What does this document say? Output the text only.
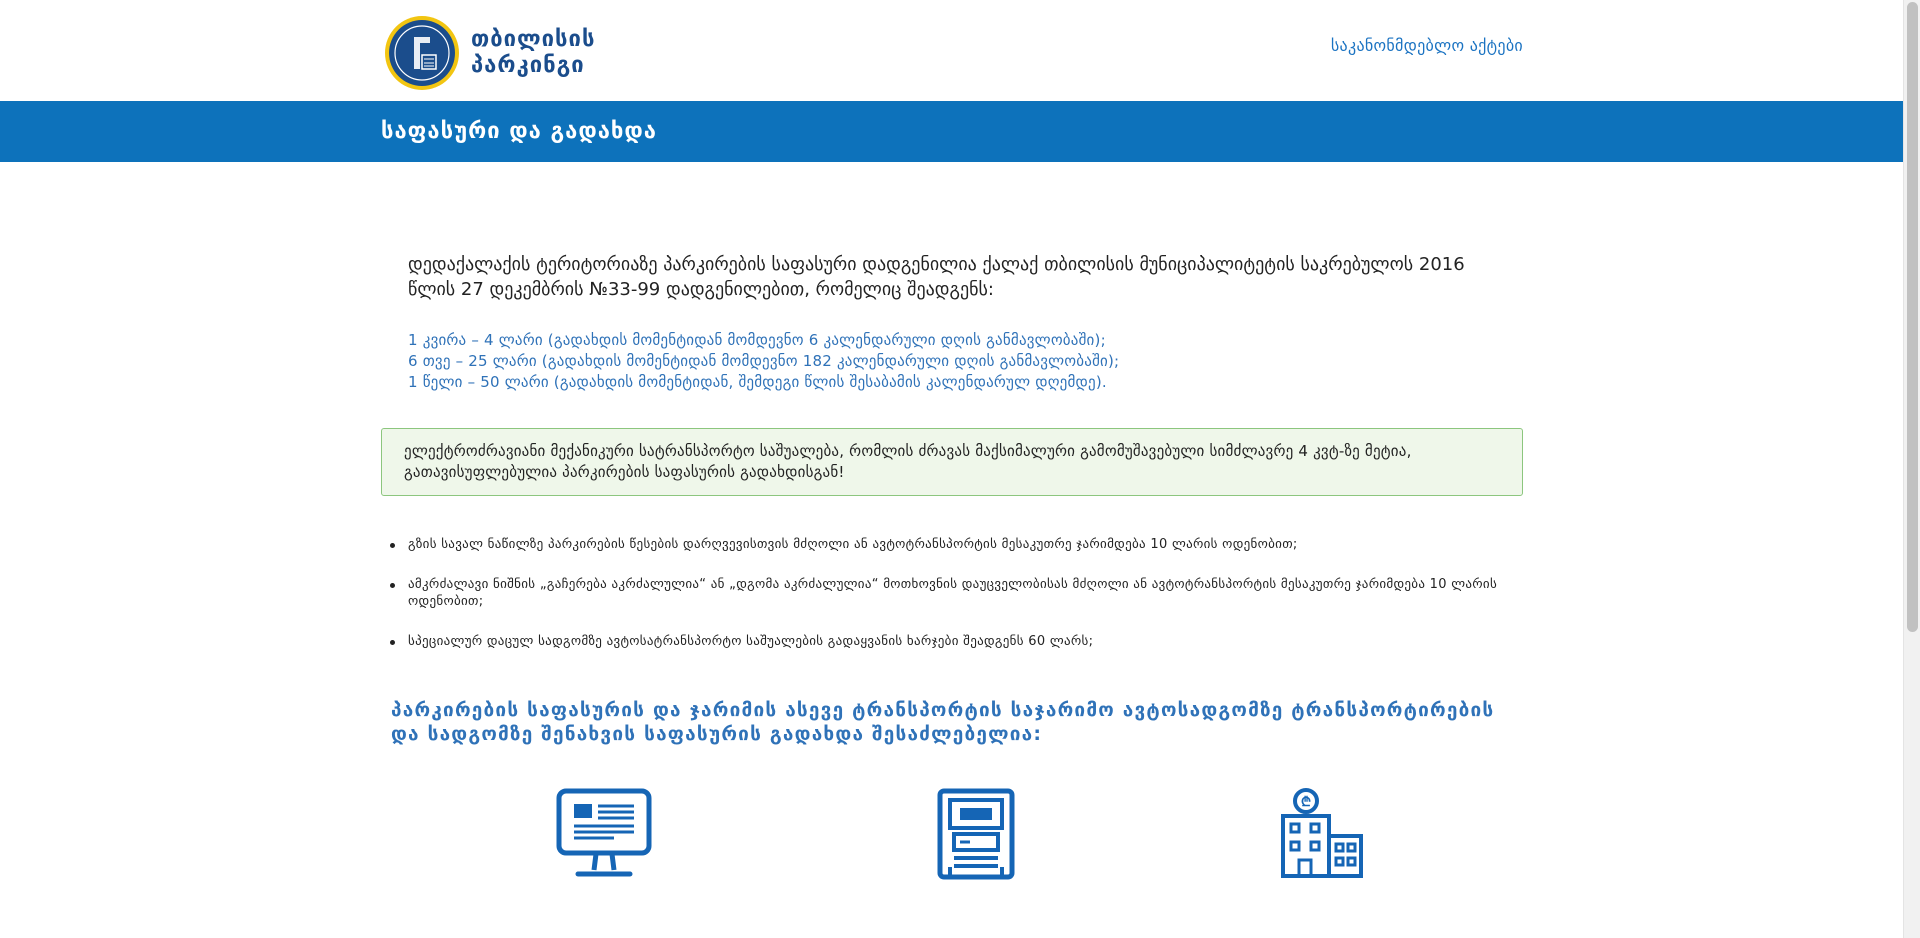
თბილისის
პარკინგი
საკანონმდებლო აქტები
საფასური და გადახდა

დედაქალაქის ტერიტორიაზე პარკირების საფასური დადგენილია ქალაქ თბილისის მუნიციპალიტეტის საკრებულოს 2016 წლის 27 დეკემბრის №33-99 დადგენილებით, რომელიც შეადგენს:

1 კვირა – 4 ლარი (გადახდის მომენტიდან მომდევნო 6 კალენდარული დღის განმავლობაში);
6 თვე – 25 ლარი (გადახდის მომენტიდან მომდევნო 182 კალენდარული დღის განმავლობაში);
1 წელი – 50 ლარი (გადახდის მომენტიდან, შემდეგი წლის შესაბამის კალენდარულ დღემდე).
ელექტროძრავიანი მექანიკური სატრანსპორტო საშუალება, რომლის ძრავას მაქსიმალური გამომუშავებული სიმძლავრე 4 კვტ-ზე მეტია, გათავისუფლებულია პარკირების საფასურის გადახდისგან!
გზის სავალ ნაწილზე პარკირების წესების დარღვევისთვის მძღოლი ან ავტოტრანსპორტის მესაკუთრე ჯარიმდება 10 ლარის ოდენობით;
ამკრძალავი ნიშნის „გაჩერება აკრძალულია“ ან „დგომა აკრძალულია“ მოთხოვნის დაუცველობისას მძღოლი ან ავტოტრანსპორტის მესაკუთრე ჯარიმდება 10 ლარის ოდენობით;
სპეციალურ დაცულ სადგომზე ავტოსატრანსპორტო საშუალების გადაყვანის ხარჯები შეადგენს 60 ლარს;
პარკირების საფასურის და ჯარიმის ასევე ტრანსპორტის საჯარიმო ავტოსადგომზე ტრანსპორტირების და სადგომზე შენახვის საფასურის გადახდა შესაძლებელია:
₾
